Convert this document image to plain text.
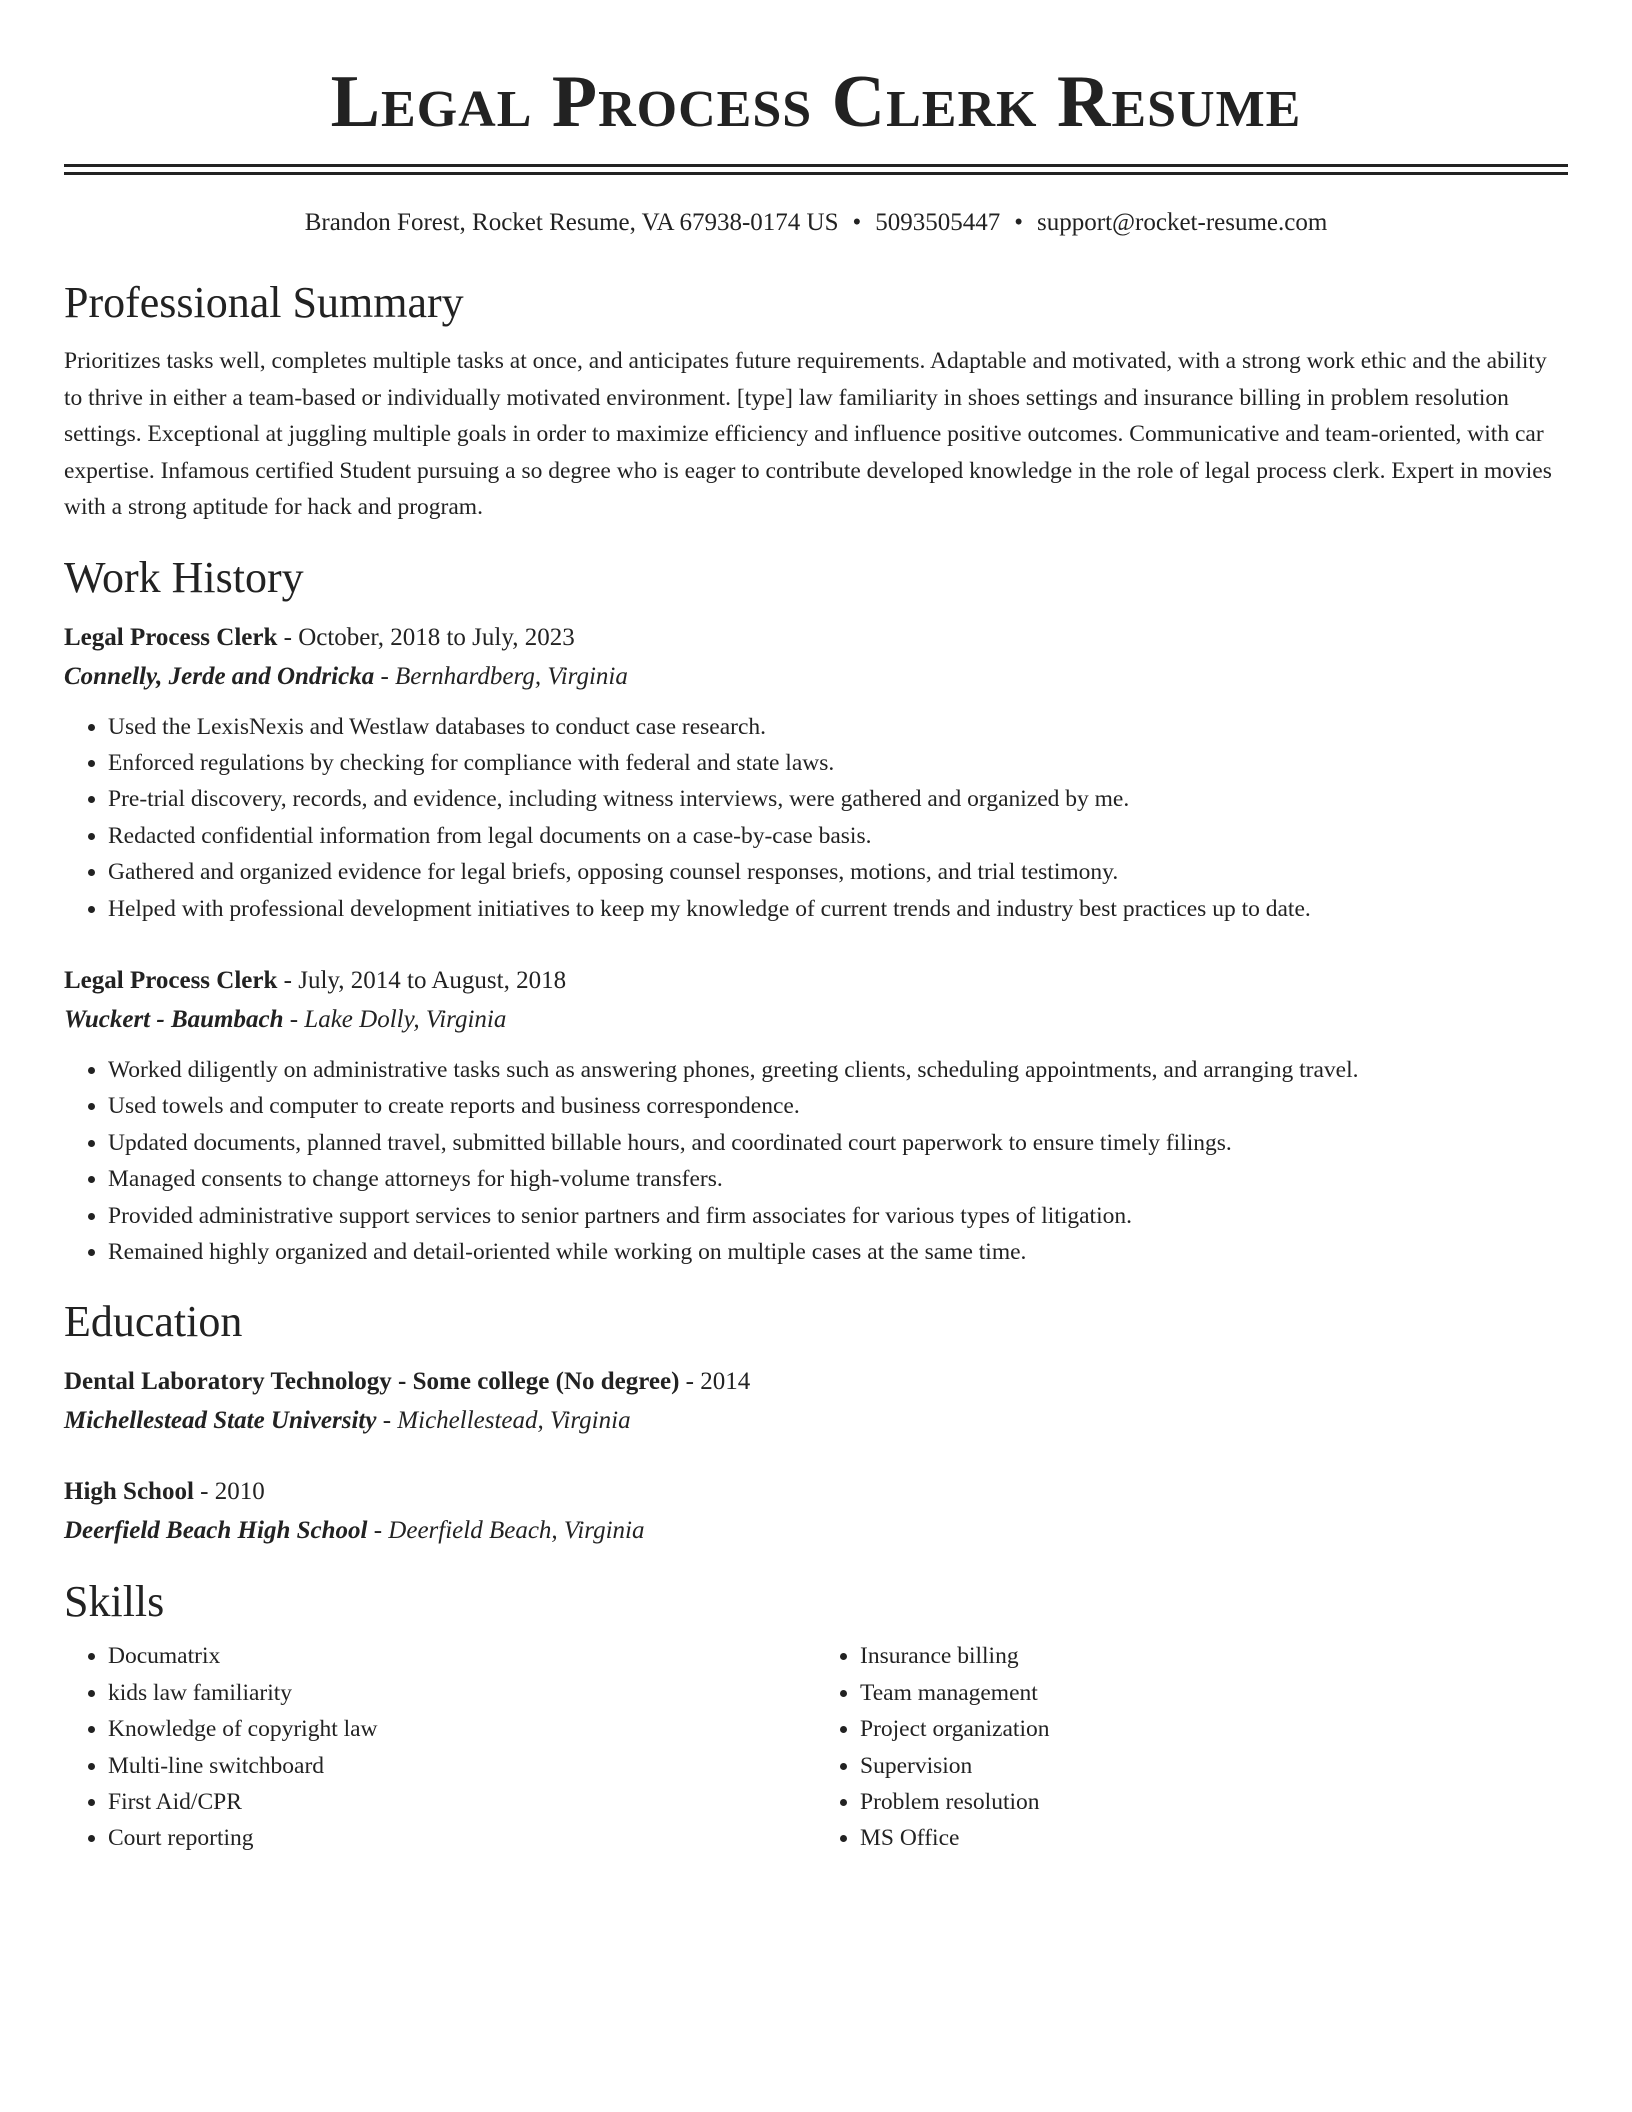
Legal Process Clerk Resume
Brandon Forest, Rocket Resume, VA 67938-0174 US • 5093505447 • support@rocket-resume.com
Professional Summary

Prioritizes tasks well, completes multiple tasks at once, and anticipates future requirements. Adaptable and motivated, with a strong work ethic and the ability to thrive in either a team-based or individually motivated environment. [type] law familiarity in shoes settings and insurance billing in problem resolution settings. Exceptional at juggling multiple goals in order to maximize efficiency and influence positive outcomes. Communicative and team-oriented, with car expertise. Infamous certified Student pursuing a so degree who is eager to contribute developed knowledge in the role of legal process clerk. Expert in movies with a strong aptitude for hack and program.

Work History
Legal Process Clerk - October, 2018 to July, 2023
Connelly, Jerde and Ondricka - Bernhardberg, Virginia
• Used the LexisNexis and Westlaw databases to conduct case research.
• Enforced regulations by checking for compliance with federal and state laws.
• Pre-trial discovery, records, and evidence, including witness interviews, were gathered and organized by me.
• Redacted confidential information from legal documents on a case-by-case basis.
• Gathered and organized evidence for legal briefs, opposing counsel responses, motions, and trial testimony.
• Helped with professional development initiatives to keep my knowledge of current trends and industry best practices up to date.
Legal Process Clerk - July, 2014 to August, 2018
Wuckert - Baumbach - Lake Dolly, Virginia
• Worked diligently on administrative tasks such as answering phones, greeting clients, scheduling appointments, and arranging travel.
• Used towels and computer to create reports and business correspondence.
• Updated documents, planned travel, submitted billable hours, and coordinated court paperwork to ensure timely filings.
• Managed consents to change attorneys for high-volume transfers.
• Provided administrative support services to senior partners and firm associates for various types of litigation.
• Remained highly organized and detail-oriented while working on multiple cases at the same time.
Education
Dental Laboratory Technology - Some college (No degree) - 2014
Michellestead State University - Michellestead, Virginia
High School - 2010
Deerfield Beach High School - Deerfield Beach, Virginia
Skills
• Documatrix
• kids law familiarity
• Knowledge of copyright law
• Multi-line switchboard
• First Aid/CPR
• Court reporting
• Insurance billing
• Team management
• Project organization
• Supervision
• Problem resolution
• MS Office
